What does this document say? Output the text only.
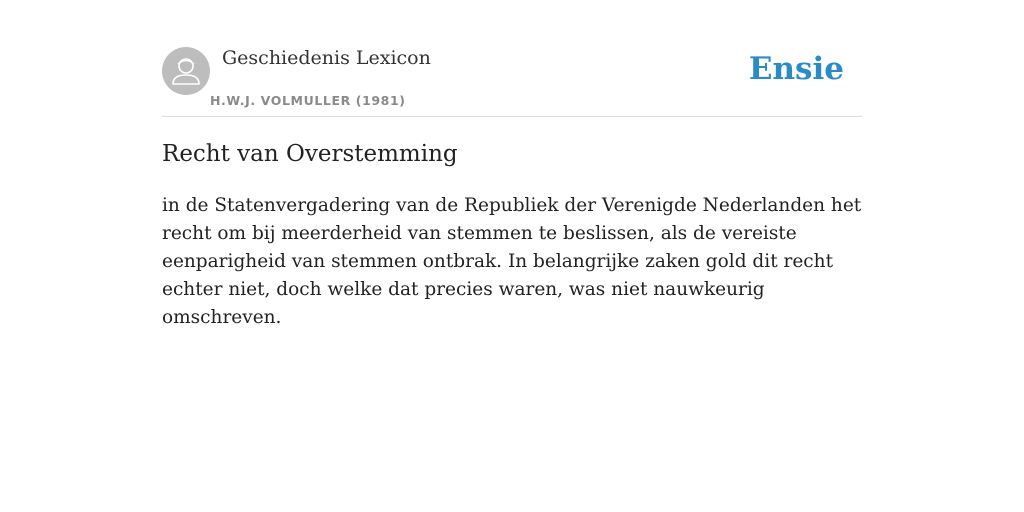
Geschiedenis Lexicon
H.W.J. VOLMULLER (1981)
Ensie
Recht van Overstemming

in de Statenvergadering van de Republiek der Verenigde Nederlanden het recht om bij meerderheid van stemmen te beslissen, als de vereiste eenparigheid van stemmen ontbrak. In belangrijke zaken gold dit recht echter niet, doch welke dat precies waren, was niet nauwkeurig omschreven.
